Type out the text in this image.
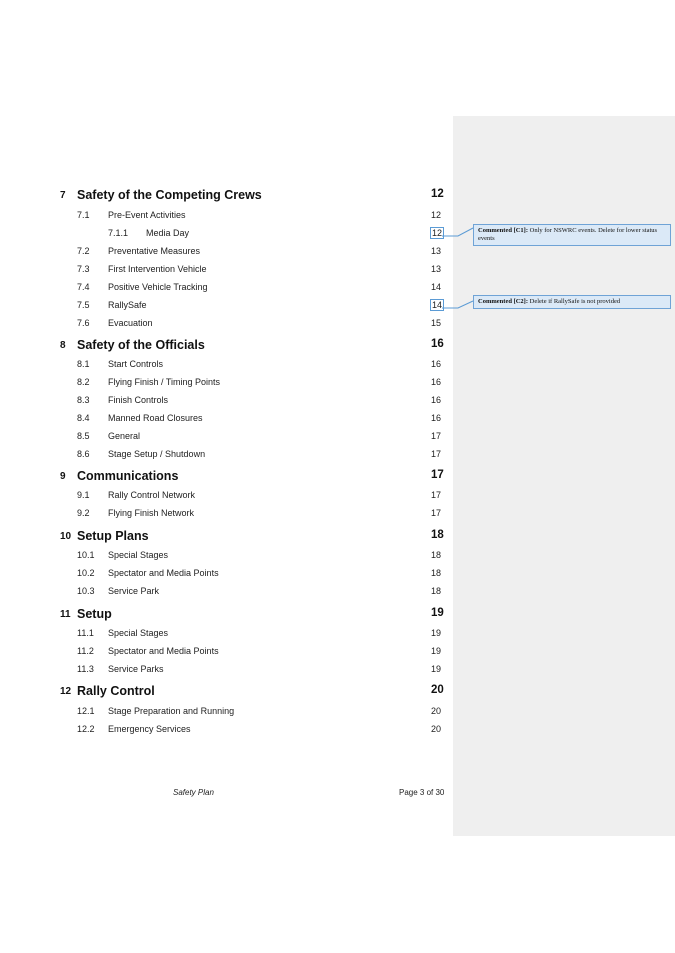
7 Safety of the Competing Crews	12
7.1 Pre-Event Activities	12
7.1.1 Media Day	12
7.2 Preventative Measures	13
7.3 First Intervention Vehicle	13
7.4 Positive Vehicle Tracking	14
7.5 RallySafe	14
7.6 Evacuation	15
8 Safety of the Officials	16
8.1 Start Controls	16
8.2 Flying Finish / Timing Points	16
8.3 Finish Controls	16
8.4 Manned Road Closures	16
8.5 General	17
8.6 Stage Setup / Shutdown	17
9 Communications	17
9.1 Rally Control Network	17
9.2 Flying Finish Network	17
10 Setup Plans	18
10.1 Special Stages	18
10.2 Spectator and Media Points	18
10.3 Service Park	18
11 Setup	19
11.1 Special Stages	19
11.2 Spectator and Media Points	19
11.3 Service Parks	19
12 Rally Control	20
12.1 Stage Preparation and Running	20
12.2 Emergency Services	20
Commented [C1]: Only for NSWRC events. Delete for lower status events
Commented [C2]: Delete if RallySafe is not provided
Safety Plan	Page 3 of 30
